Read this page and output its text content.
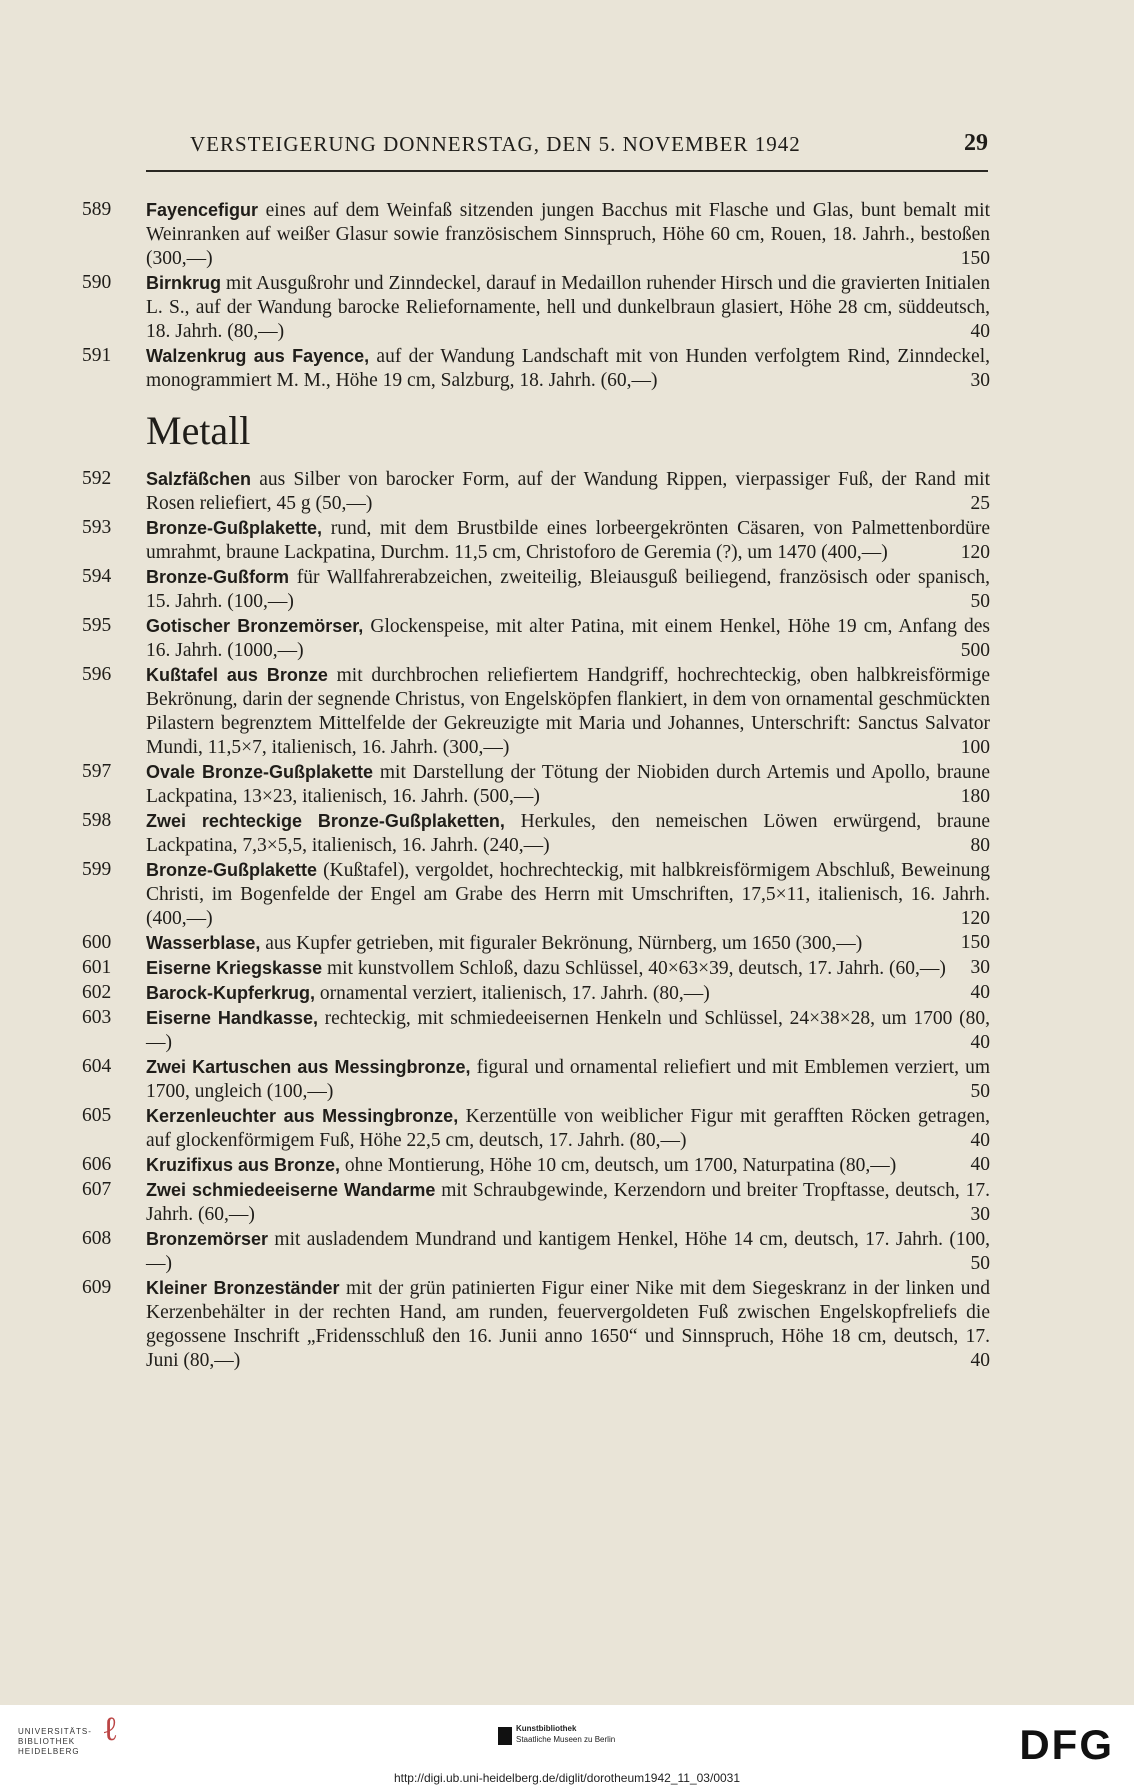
VERSTEIGERUNG DONNERSTAG, DEN 5. NOVEMBER 1942	29
589	Fayencefigur eines auf dem Weinfaß sitzenden jungen Bacchus mit Flasche und Glas, bunt bemalt mit Weinranken auf weißer Glasur sowie französischem Sinnspruch, Höhe 60 cm, Rouen, 18. Jahrh., bestoßen (300,—)	150
590	Birnkrug mit Ausgußrohr und Zinndeckel, darauf in Medaillon ruhender Hirsch und die gravierten Initialen L. S., auf der Wandung barocke Reliefornamente, hell und dunkelbraun glasiert, Höhe 28 cm, süddeutsch, 18. Jahrh. (80,—)	40
591	Walzenkrug aus Fayence, auf der Wandung Landschaft mit von Hunden verfolgtem Rind, Zinndeckel, monogrammiert M. M., Höhe 19 cm, Salzburg, 18. Jahrh. (60,—)	30
Metall
592	Salzfäßchen aus Silber von barocker Form, auf der Wandung Rippen, vierpassiger Fuß, der Rand mit Rosen reliefiert, 45 g (50,—)	25
593	Bronze-Gußplakette, rund, mit dem Brustbilde eines lorbeergekrönten Cäsaren, von Palmettenbordüre umrahmt, braune Lackpatina, Durchm. 11,5 cm, Christoforo de Geremia (?), um 1470 (400,—)	120
594	Bronze-Gußform für Wallfahrerabzeichen, zweiteilig, Bleiausguß beiliegend, französisch oder spanisch, 15. Jahrh. (100,—)	50
595	Gotischer Bronzemörser, Glockenspeise, mit alter Patina, mit einem Henkel, Höhe 19 cm, Anfang des 16. Jahrh. (1000,—)	500
596	Kußtafel aus Bronze mit durchbrochen reliefiertem Handgriff, hochrechteckig, oben halbkreisförmige Bekrönung, darin der segnende Christus, von Engelsköpfen flankiert, in dem von ornamental geschmückten Pilastern begrenztem Mittelfelde der Gekreuzigte mit Maria und Johannes, Unterschrift: Sanctus Salvator Mundi, 11,5×7, italienisch, 16. Jahrh. (300,—)	100
597	Ovale Bronze-Gußplakette mit Darstellung der Tötung der Niobiden durch Artemis und Apollo, braune Lackpatina, 13×23, italienisch, 16. Jahrh. (500,—)	180
598	Zwei rechteckige Bronze-Gußplaketten, Herkules, den nemeischen Löwen erwürgend, braune Lackpatina, 7,3×5,5, italienisch, 16. Jahrh. (240,—)	80
599	Bronze-Gußplakette (Kußtafel), vergoldet, hochrechteckig, mit halbkreisförmigem Abschluß, Beweinung Christi, im Bogenfelde der Engel am Grabe des Herrn mit Umschriften, 17,5×11, italienisch, 16. Jahrh. (400,—)	120
600	Wasserblase, aus Kupfer getrieben, mit figuraler Bekrönung, Nürnberg, um 1650 (300,—)	150
601	Eiserne Kriegskasse mit kunstvollem Schloß, dazu Schlüssel, 40×63×39, deutsch, 17. Jahrh. (60,—) 30
602	Barock-Kupferkrug, ornamental verziert, italienisch, 17. Jahrh. (80,—)	40
603	Eiserne Handkasse, rechteckig, mit schmiedeeisernen Henkeln und Schlüssel, 24×38×28, um 1700 (80,—)	40
604	Zwei Kartuschen aus Messingbronze, figural und ornamental reliefiert und mit Emblemen verziert, um 1700, ungleich (100,—)	50
605	Kerzenleuchter aus Messingbronze, Kerzentülle von weiblicher Figur mit gerafften Röcken getragen, auf glockenförmigem Fuß, Höhe 22,5 cm, deutsch, 17. Jahrh. (80,—)	40
606	Kruzifixus aus Bronze, ohne Montierung, Höhe 10 cm, deutsch, um 1700, Naturpatina (80,—)	40
607	Zwei schmiedeeiserne Wandarme mit Schraubgewinde, Kerzendorn und breiter Tropftasse, deutsch, 17. Jahrh. (60,—)	30
608	Bronzemörser mit ausladendem Mundrand und kantigem Henkel, Höhe 14 cm, deutsch, 17. Jahrh. (100,—)	50
609	Kleiner Bronzeständer mit der grün patinierten Figur einer Nike mit dem Siegeskranz in der linken und Kerzenbehälter in der rechten Hand, am runden, feuervergoldeten Fuß zwischen Engelskopfreliefs die gegossene Inschrift „Fridensschluß den 16. Junii anno 1650“ und Sinnspruch, Höhe 18 cm, deutsch, 17. Juni (80,—)	40
UNIVERSITÄTS-
BIBLIOTHEK
HEIDELBERG
ℓ	Kunstbibliothek
Staatliche Museen zu Berlin	DFG
http://digi.ub.uni-heidelberg.de/diglit/dorotheum1942_11_03/0031
